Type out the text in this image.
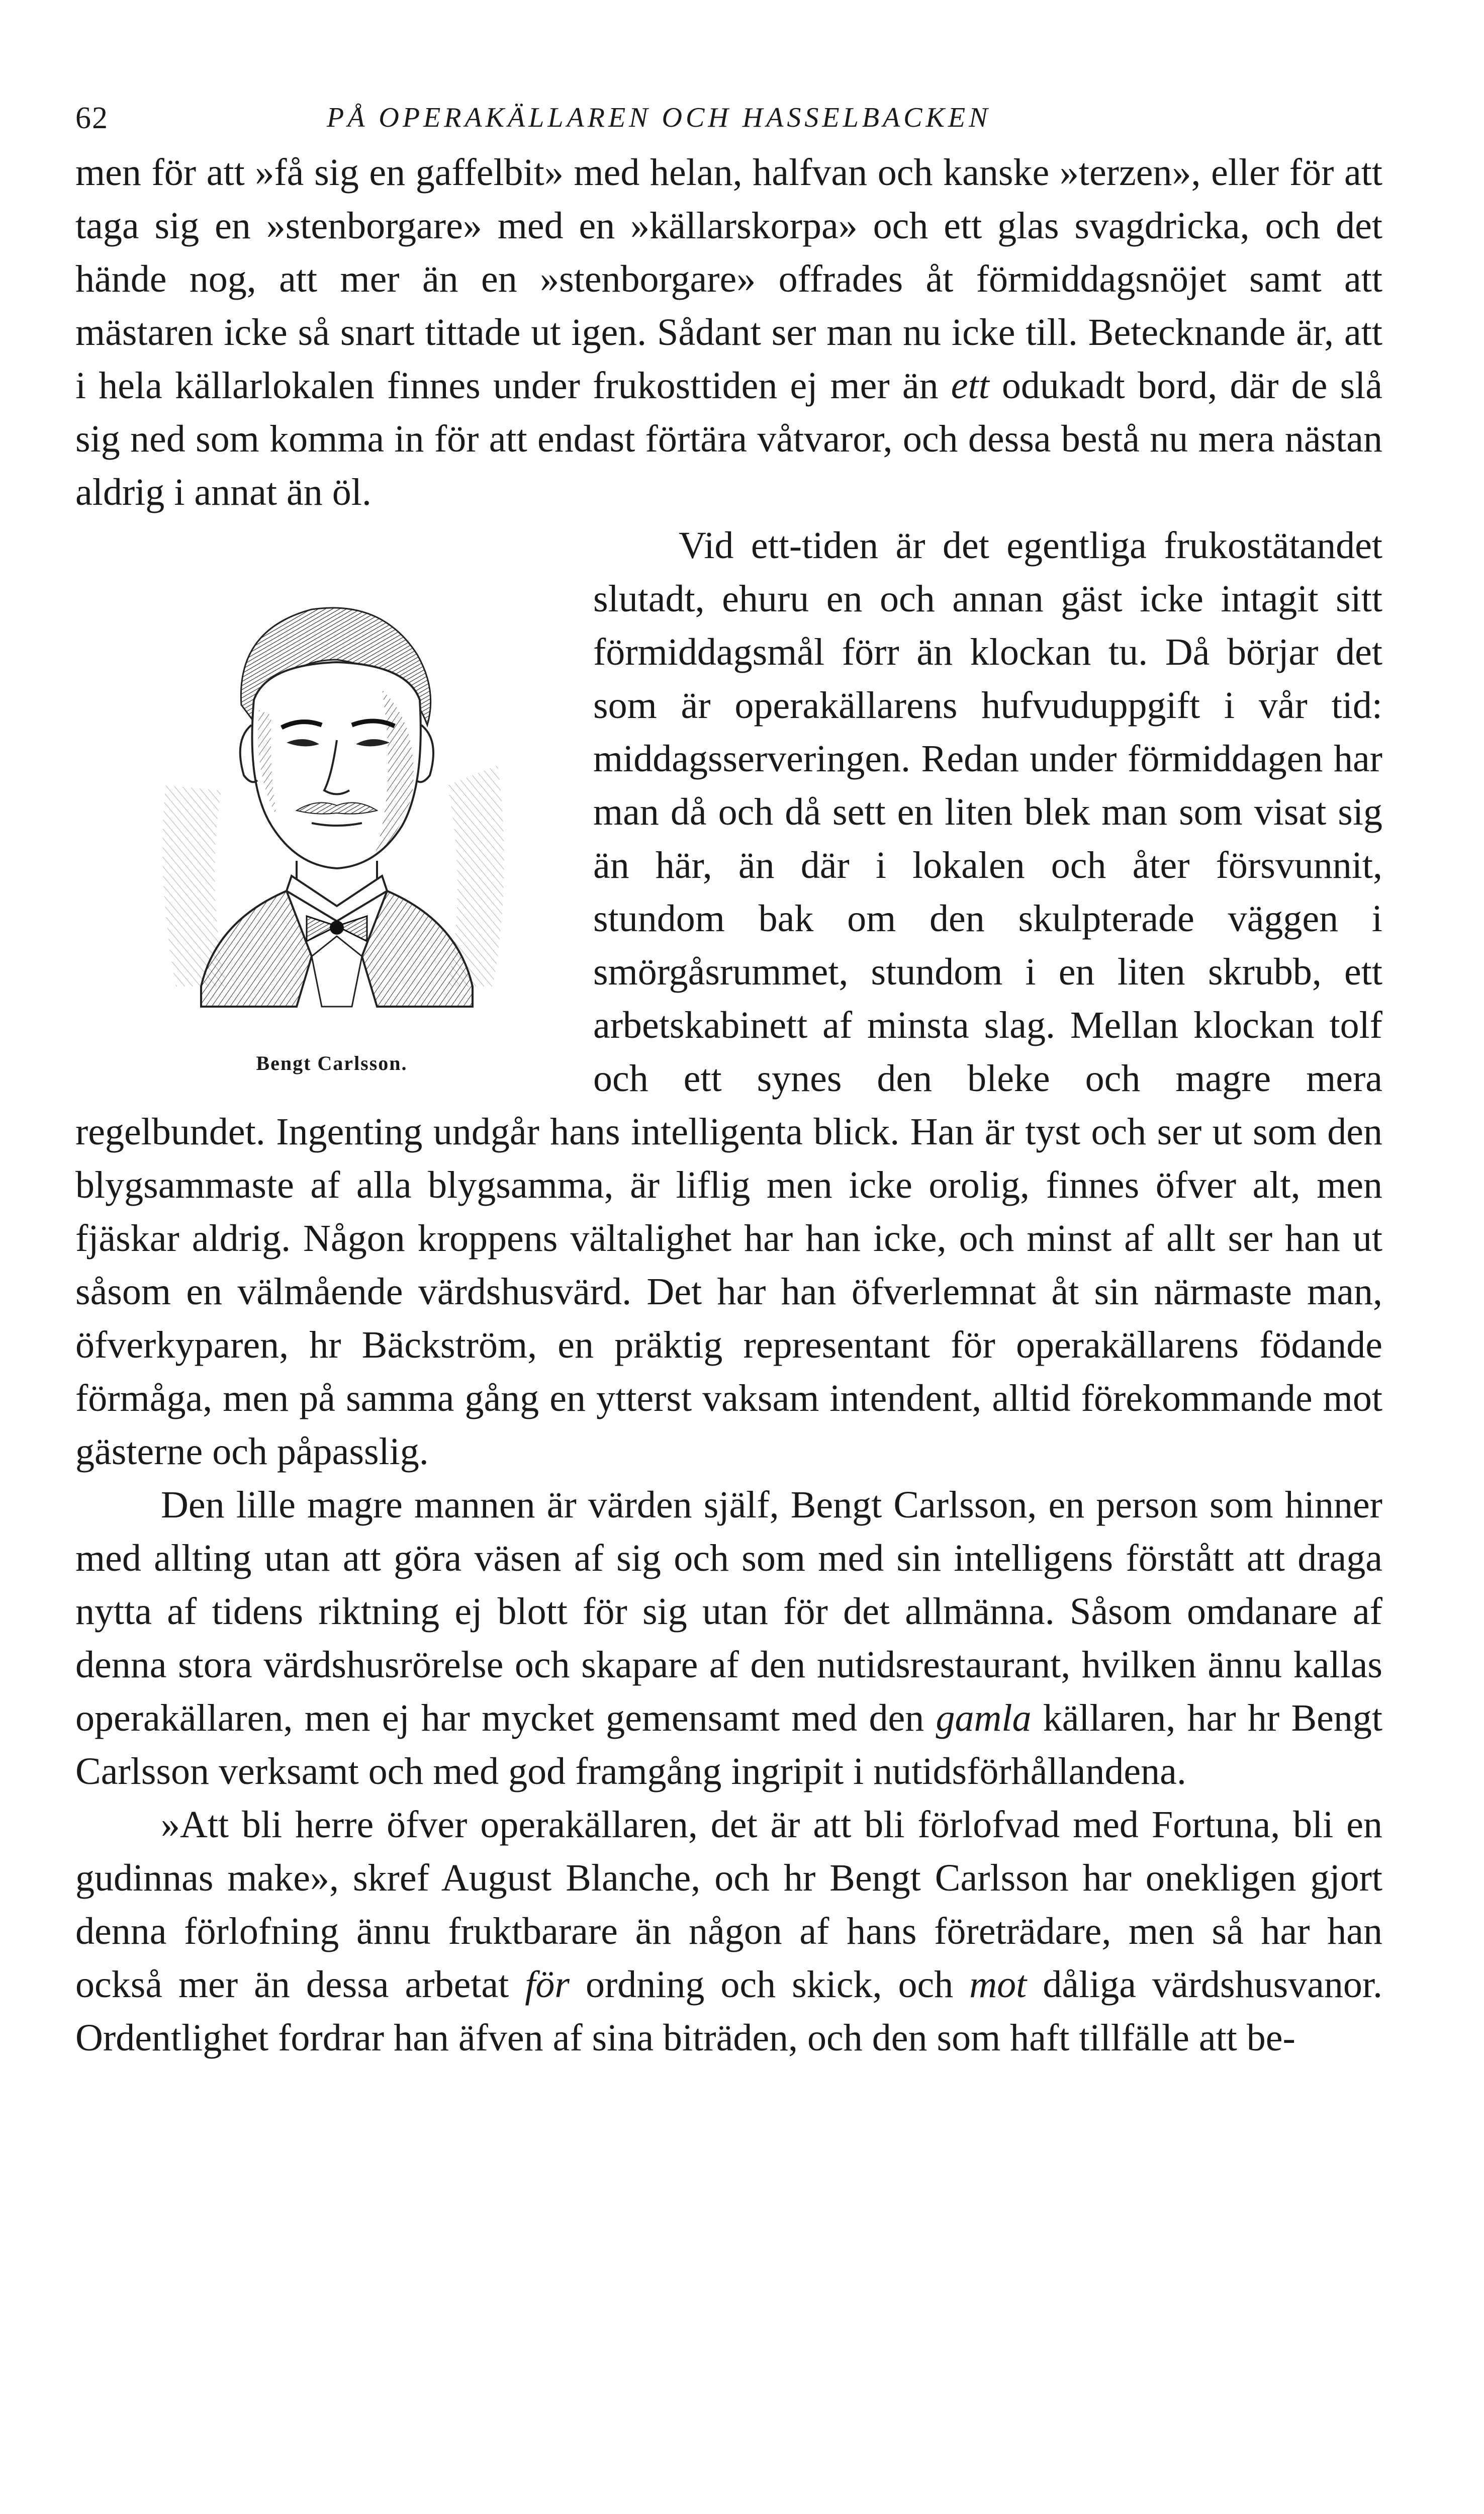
62	PÅ OPERAKÄLLAREN OCH HASSELBACKEN

men för att »få sig en gaffelbit» med helan, halfvan och kanske »terzen», eller för att taga sig en »stenborgare» med en »källarskorpa» och ett glas svagdricka, och det hände nog, att mer än en »stenborgare» offrades åt förmiddagsnöjet samt att mästaren icke så snart tittade ut igen. Sådant ser man nu icke till. Betecknande är, att i hela källarlokalen finnes under frukosttiden ej mer än ett odukadt bord, där de slå sig ned som komma in för att endast förtära våtvaror, och dessa bestå nu mera nästan aldrig i annat än öl.

Bengt Carlsson.

Vid ett-tiden är det egentliga frukostätandet slutadt, ehuru en och annan gäst icke intagit sitt förmiddagsmål förr än klockan tu. Då börjar det som är operakällarens hufvuduppgift i vår tid: middagsserveringen. Redan under förmiddagen har man då och då sett en liten blek man som visat sig än här, än där i lokalen och åter försvunnit, stundom bak om den skulpterade väggen i smörgåsrummet, stundom i en liten skrubb, ett arbetskabinett af minsta slag. Mellan klockan tolf och ett synes den bleke och magre mera regelbundet. Ingenting undgår hans intelligenta blick. Han är tyst och ser ut som den blygsammaste af alla blygsamma, är liflig men icke orolig, finnes öfver alt, men fjäskar aldrig. Någon kroppens vältalighet har han icke, och minst af allt ser han ut såsom en välmående värdshusvärd. Det har han öfverlemnat åt sin närmaste man, öfverkyparen, hr Bäckström, en präktig representant för operakällarens födande förmåga, men på samma gång en ytterst vaksam intendent, alltid förekommande mot gästerne och påpasslig.

Den lille magre mannen är värden själf, Bengt Carlsson, en person som hinner med allting utan att göra väsen af sig och som med sin intelligens förstått att draga nytta af tidens riktning ej blott för sig utan för det allmänna. Såsom omdanare af denna stora värdshusrörelse och skapare af den nutidsrestaurant, hvilken ännu kallas operakällaren, men ej har mycket gemensamt med den gamla källaren, har hr Bengt Carlsson verksamt och med god framgång ingripit i nutidsförhållandena.

»Att bli herre öfver operakällaren, det är att bli förlofvad med Fortuna, bli en gudinnas make», skref August Blanche, och hr Bengt Carlsson har onekligen gjort denna förlofning ännu fruktbarare än någon af hans företrädare, men så har han också mer än dessa arbetat för ordning och skick, och mot dåliga värdshusvanor. Ordentlighet fordrar han äfven af sina biträden, och den som haft tillfälle att be-
